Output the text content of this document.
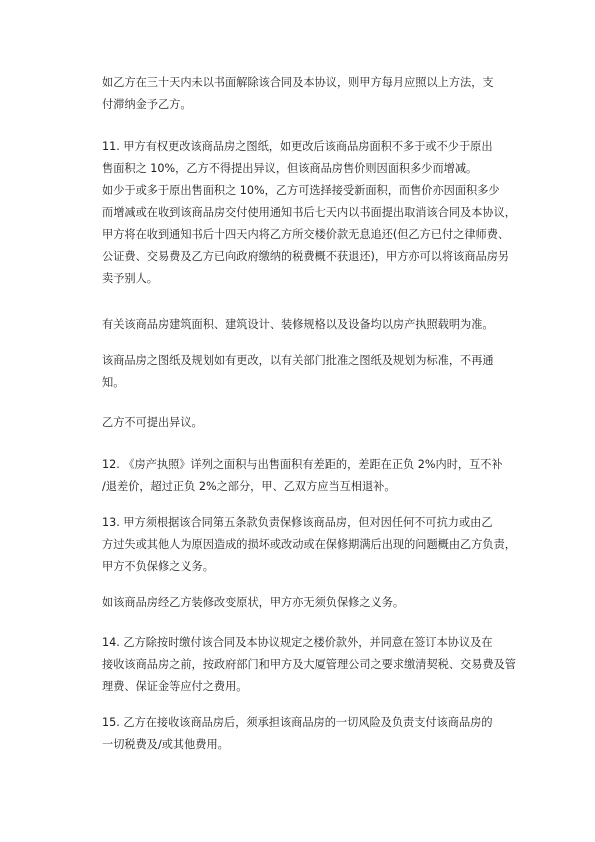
如乙方在三十天内未以书面解除该合同及本协议，则甲方每月应照以上方法，支
付滞纳金予乙方。

11. 甲方有权更改该商品房之图纸，如更改后该商品房面积不多于或不少于原出
售面积之 10%，乙方不得提出异议，但该商品房售价则因面积多少而增减。

如少于或多于原出售面积之 10%，乙方可选择接受新面积，而售价亦因面积多少
而增减或在收到该商品房交付使用通知书后七天内以书面提出取消该合同及本协议，
甲方将在收到通知书后十四天内将乙方所交楼价款无息追还(但乙方已付之律师费、
公证费、交易费及乙方已向政府缴纳的税费概不获退还)，甲方亦可以将该商品房另
卖予别人。

有关该商品房建筑面积、建筑设计、装修规格以及设备均以房产执照载明为准。

该商品房之图纸及规划如有更改，以有关部门批准之图纸及规划为标准，不再通
知。

乙方不可提出异议。

12. 《房产执照》详列之面积与出售面积有差距的，差距在正负 2%内时，互不补
/退差价，超过正负 2%之部分，甲、乙双方应当互相退补。

13. 甲方须根据该合同第五条款负责保修该商品房，但对因任何不可抗力或由乙
方过失或其他人为原因造成的损坏或改动或在保修期满后出现的问题概由乙方负责，
甲方不负保修之义务。

如该商品房经乙方装修改变原状，甲方亦无须负保修之义务。

14. 乙方除按时缴付该合同及本协议规定之楼价款外，并同意在签订本协议及在
接收该商品房之前，按政府部门和甲方及大厦管理公司之要求缴清契税、交易费及管
理费、保证金等应付之费用。

15. 乙方在接收该商品房后，须承担该商品房的一切风险及负责支付该商品房的
一切税费及/或其他费用。
